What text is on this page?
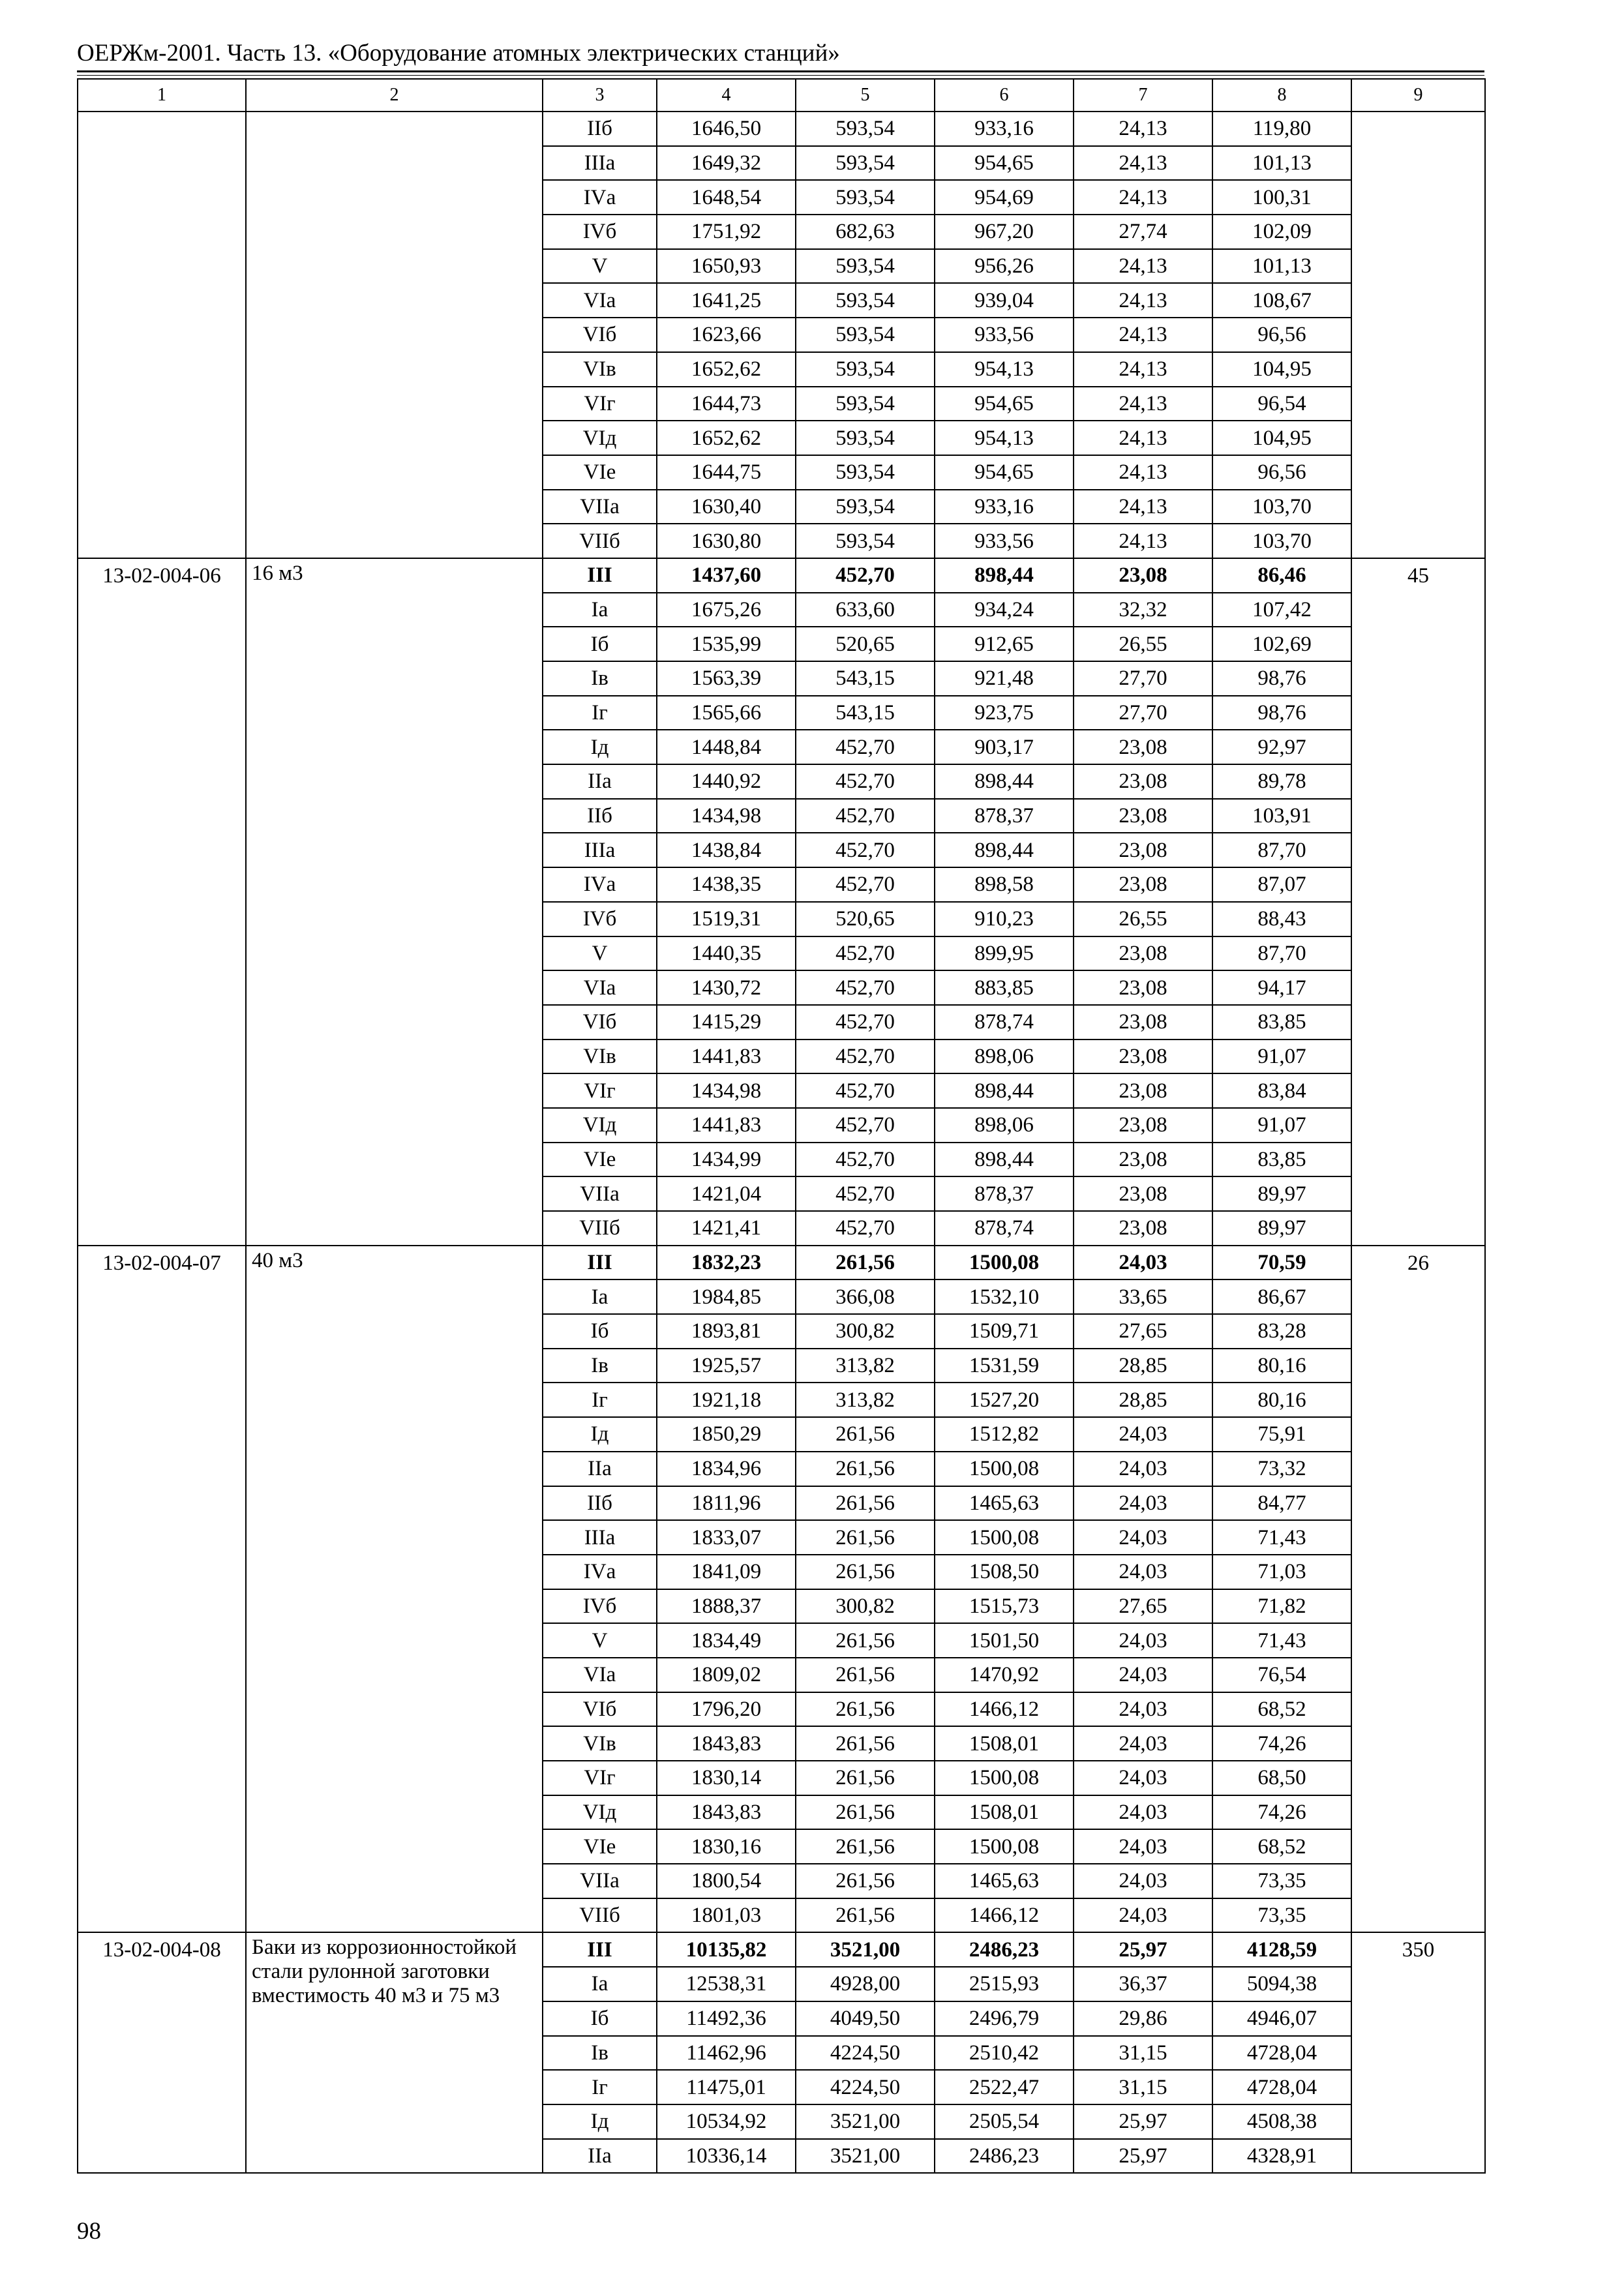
ОЕРЖм-2001. Часть 13. «Оборудование атомных электрических станций»
1	2	3	4	5	6	7	8	9
		IIб	1646,50	593,54	933,16	24,13	119,80	
		IIIа	1649,32	593,54	954,65	24,13	101,13	
		IVа	1648,54	593,54	954,69	24,13	100,31	
		IVб	1751,92	682,63	967,20	27,74	102,09	
		V	1650,93	593,54	956,26	24,13	101,13	
		VIа	1641,25	593,54	939,04	24,13	108,67	
		VIб	1623,66	593,54	933,56	24,13	96,56	
		VIв	1652,62	593,54	954,13	24,13	104,95	
		VIг	1644,73	593,54	954,65	24,13	96,54	
		VIд	1652,62	593,54	954,13	24,13	104,95	
		VIе	1644,75	593,54	954,65	24,13	96,56	
		VIIа	1630,40	593,54	933,16	24,13	103,70	
		VIIб	1630,80	593,54	933,56	24,13	103,70	
13-02-004-06	16 м3	III	1437,60	452,70	898,44	23,08	86,46	45
		Iа	1675,26	633,60	934,24	32,32	107,42	
		Iб	1535,99	520,65	912,65	26,55	102,69	
		Iв	1563,39	543,15	921,48	27,70	98,76	
		Iг	1565,66	543,15	923,75	27,70	98,76	
		Iд	1448,84	452,70	903,17	23,08	92,97	
		IIа	1440,92	452,70	898,44	23,08	89,78	
		IIб	1434,98	452,70	878,37	23,08	103,91	
		IIIа	1438,84	452,70	898,44	23,08	87,70	
		IVа	1438,35	452,70	898,58	23,08	87,07	
		IVб	1519,31	520,65	910,23	26,55	88,43	
		V	1440,35	452,70	899,95	23,08	87,70	
		VIа	1430,72	452,70	883,85	23,08	94,17	
		VIб	1415,29	452,70	878,74	23,08	83,85	
		VIв	1441,83	452,70	898,06	23,08	91,07	
		VIг	1434,98	452,70	898,44	23,08	83,84	
		VIд	1441,83	452,70	898,06	23,08	91,07	
		VIе	1434,99	452,70	898,44	23,08	83,85	
		VIIа	1421,04	452,70	878,37	23,08	89,97	
		VIIб	1421,41	452,70	878,74	23,08	89,97	
13-02-004-07	40 м3	III	1832,23	261,56	1500,08	24,03	70,59	26
		Iа	1984,85	366,08	1532,10	33,65	86,67	
		Iб	1893,81	300,82	1509,71	27,65	83,28	
		Iв	1925,57	313,82	1531,59	28,85	80,16	
		Iг	1921,18	313,82	1527,20	28,85	80,16	
		Iд	1850,29	261,56	1512,82	24,03	75,91	
		IIа	1834,96	261,56	1500,08	24,03	73,32	
		IIб	1811,96	261,56	1465,63	24,03	84,77	
		IIIа	1833,07	261,56	1500,08	24,03	71,43	
		IVа	1841,09	261,56	1508,50	24,03	71,03	
		IVб	1888,37	300,82	1515,73	27,65	71,82	
		V	1834,49	261,56	1501,50	24,03	71,43	
		VIа	1809,02	261,56	1470,92	24,03	76,54	
		VIб	1796,20	261,56	1466,12	24,03	68,52	
		VIв	1843,83	261,56	1508,01	24,03	74,26	
		VIг	1830,14	261,56	1500,08	24,03	68,50	
		VIд	1843,83	261,56	1508,01	24,03	74,26	
		VIе	1830,16	261,56	1500,08	24,03	68,52	
		VIIа	1800,54	261,56	1465,63	24,03	73,35	
		VIIб	1801,03	261,56	1466,12	24,03	73,35	
13-02-004-08	Баки из коррозионностойкой стали рулонной заготовки вместимость 40 м3 и 75 м3	III	10135,82	3521,00	2486,23	25,97	4128,59	350
		Iа	12538,31	4928,00	2515,93	36,37	5094,38	
		Iб	11492,36	4049,50	2496,79	29,86	4946,07	
		Iв	11462,96	4224,50	2510,42	31,15	4728,04	
		Iг	11475,01	4224,50	2522,47	31,15	4728,04	
		Iд	10534,92	3521,00	2505,54	25,97	4508,38	
		IIа	10336,14	3521,00	2486,23	25,97	4328,91	
98
